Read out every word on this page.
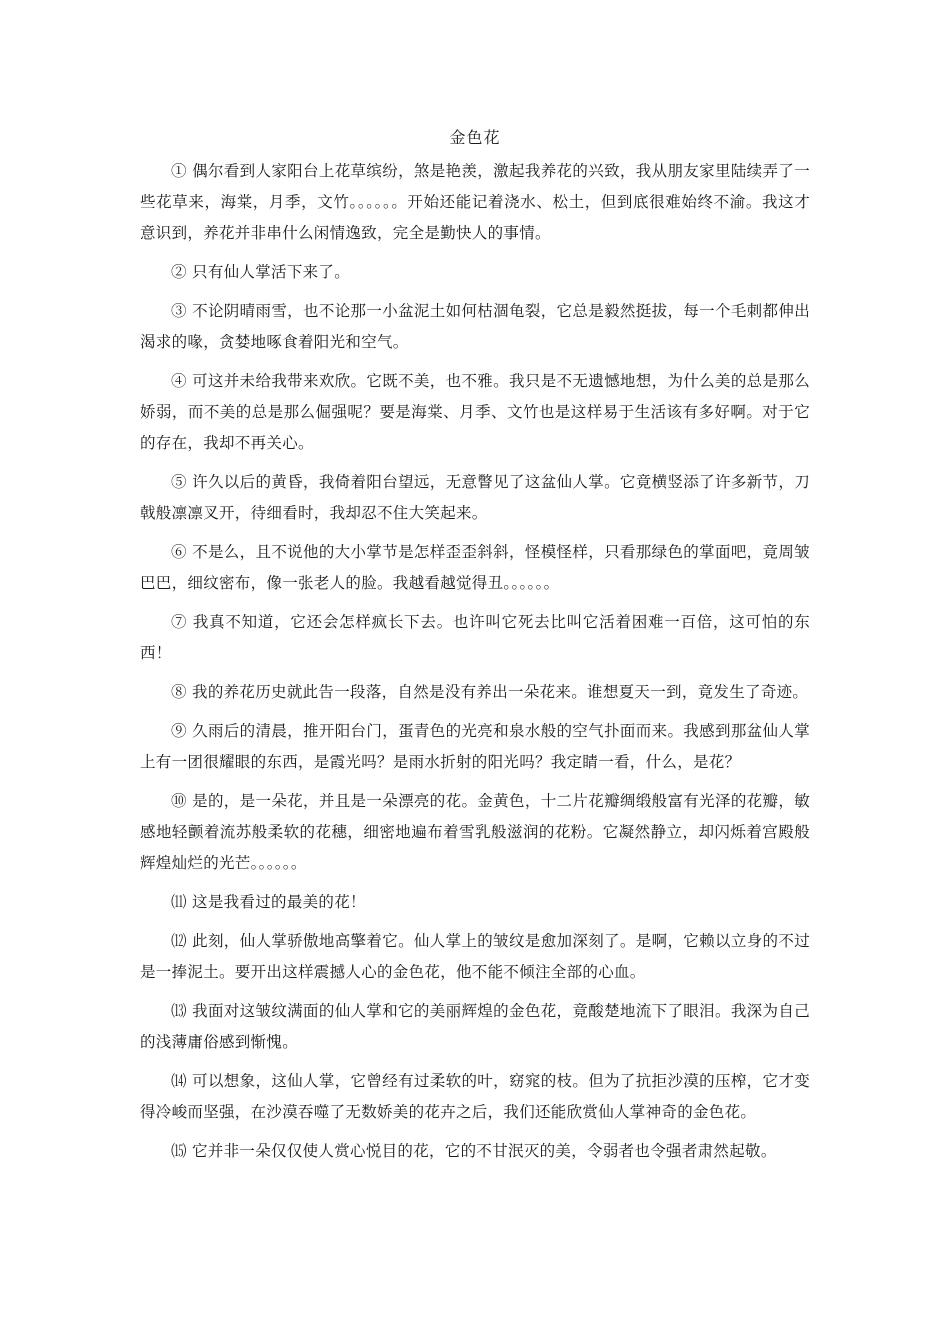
金色花

① 偶尔看到人家阳台上花草缤纷，煞是艳羡，激起我养花的兴致，我从朋友家里陆续弄了一些花草来，海棠，月季，文竹。。。。。。开始还能记着浇水、松土，但到底很难始终不渝。我这才意识到，养花并非串什么闲情逸致，完全是勤快人的事情。

② 只有仙人掌活下来了。

③ 不论阴晴雨雪，也不论那一小盆泥土如何枯涸龟裂，它总是毅然挺拔，每一个毛刺都伸出渴求的喙，贪婪地啄食着阳光和空气。

④ 可这并未给我带来欢欣。它既不美，也不雅。我只是不无遗憾地想，为什么美的总是那么娇弱，而不美的总是那么倔强呢？要是海棠、月季、文竹也是这样易于生活该有多好啊。对于它的存在，我却不再关心。

⑤ 许久以后的黄昏，我倚着阳台望远，无意瞥见了这盆仙人掌。它竟横竖添了许多新节，刀戟般凛凛叉开，待细看时，我却忍不住大笑起来。

⑥ 不是么，且不说他的大小掌节是怎样歪歪斜斜，怪模怪样，只看那绿色的掌面吧，竟周皱巴巴，细纹密布，像一张老人的脸。我越看越觉得丑。。。。。。

⑦ 我真不知道，它还会怎样疯长下去。也许叫它死去比叫它活着困难一百倍，这可怕的东西！

⑧ 我的养花历史就此告一段落，自然是没有养出一朵花来。谁想夏天一到，竟发生了奇迹。

⑨ 久雨后的清晨，推开阳台门，蛋青色的光亮和泉水般的空气扑面而来。我感到那盆仙人掌上有一团很耀眼的东西，是霞光吗？是雨水折射的阳光吗？我定睛一看，什么，是花？

⑩ 是的，是一朵花，并且是一朵漂亮的花。金黄色，十二片花瓣绸缎般富有光泽的花瓣，敏感地轻颤着流苏般柔软的花穗，细密地遍布着雪乳般滋润的花粉。它凝然静立，却闪烁着宫殿般辉煌灿烂的光芒。。。。。。

⑾ 这是我看过的最美的花！

⑿ 此刻，仙人掌骄傲地高擎着它。仙人掌上的皱纹是愈加深刻了。是啊，它赖以立身的不过是一捧泥土。要开出这样震撼人心的金色花，他不能不倾注全部的心血。

⒀ 我面对这皱纹满面的仙人掌和它的美丽辉煌的金色花，竟酸楚地流下了眼泪。我深为自己的浅薄庸俗感到惭愧。

⒁ 可以想象，这仙人掌，它曾经有过柔软的叶，窈窕的枝。但为了抗拒沙漠的压榨，它才变得冷峻而坚强，在沙漠吞噬了无数娇美的花卉之后，我们还能欣赏仙人掌神奇的金色花。

⒂ 它并非一朵仅仅使人赏心悦目的花，它的不甘泯灭的美，令弱者也令强者肃然起敬。
